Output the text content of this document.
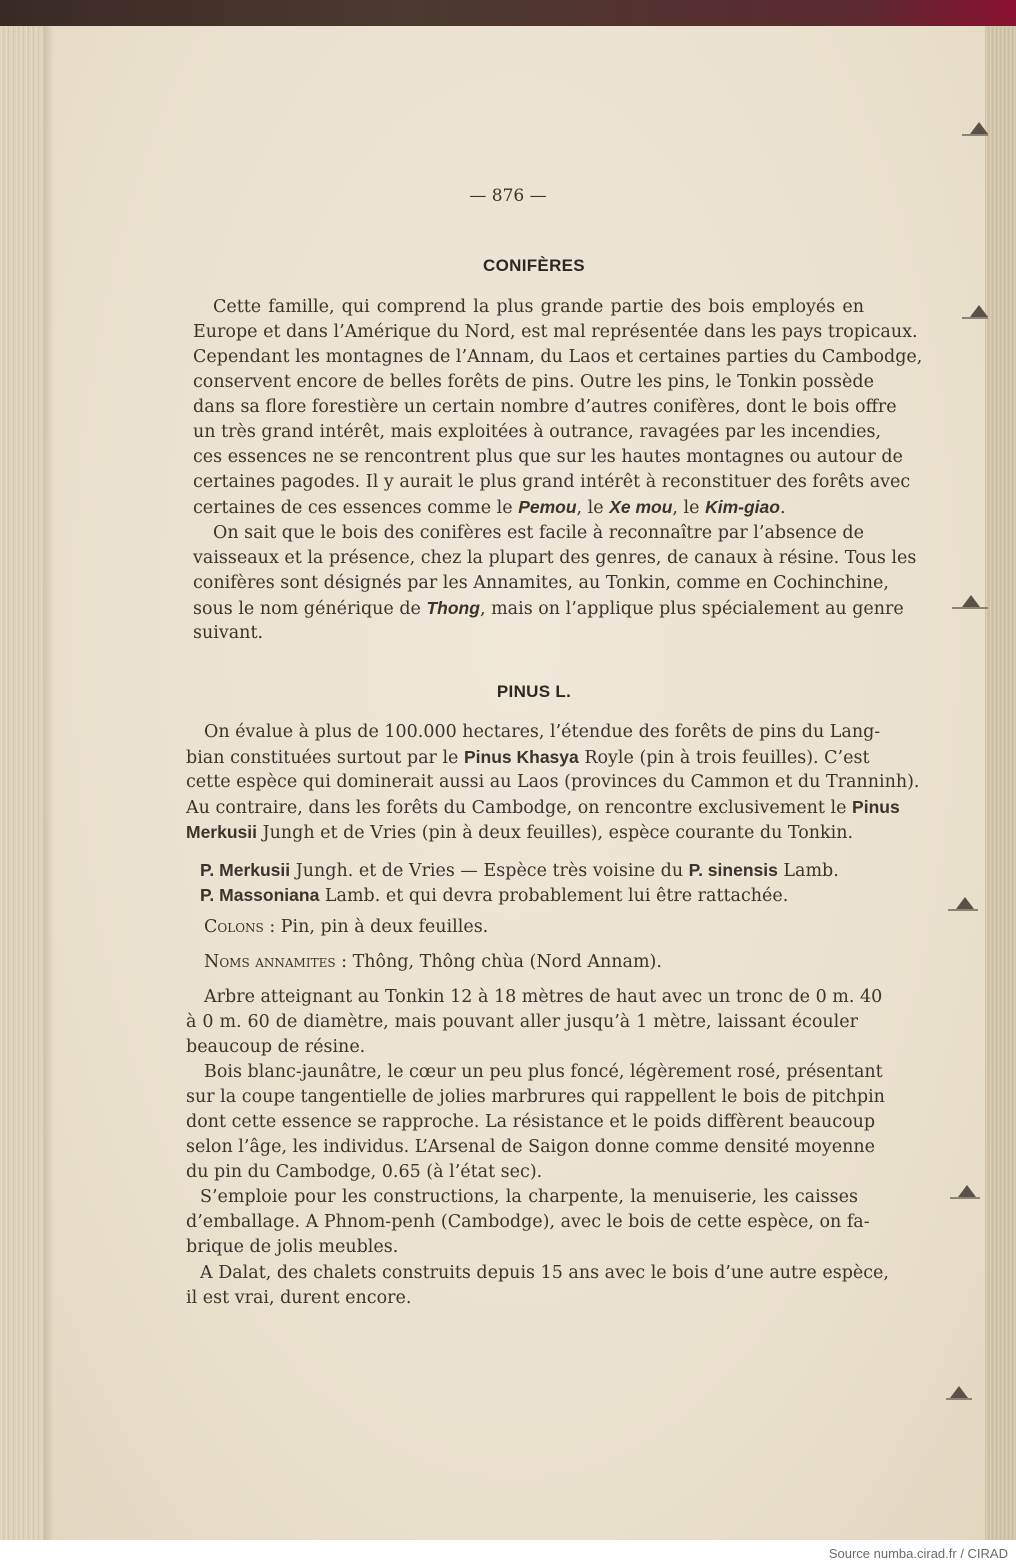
— 876 —
CONIFÈRES
Cette famille, qui comprend la plus grande partie des bois employés en
Europe et dans l’Amérique du Nord, est mal représentée dans les pays tropicaux.
Cependant les montagnes de l’Annam, du Laos et certaines parties du Cambodge,
conservent encore de belles forêts de pins. Outre les pins, le Tonkin possède
dans sa flore forestière un certain nombre d’autres conifères, dont le bois offre
un très grand intérêt, mais exploitées à outrance, ravagées par les incendies,
ces essences ne se rencontrent plus que sur les hautes montagnes ou autour de
certaines pagodes. Il y aurait le plus grand intérêt à reconstituer des forêts avec
certaines de ces essences comme le Pemou, le Xe mou, le Kim-giao.
On sait que le bois des conifères est facile à reconnaître par l’absence de
vaisseaux et la présence, chez la plupart des genres, de canaux à résine. Tous les
conifères sont désignés par les Annamites, au Tonkin, comme en Cochinchine,
sous le nom générique de Thong, mais on l’applique plus spécialement au genre
suivant.
PINUS L.
On évalue à plus de 100.000 hectares, l’étendue des forêts de pins du Lang-
bian constituées surtout par le Pinus Khasya Royle (pin à trois feuilles). C’est
cette espèce qui dominerait aussi au Laos (provinces du Cammon et du Tranninh).
Au contraire, dans les forêts du Cambodge, on rencontre exclusivement le Pinus
Merkusii Jungh et de Vries (pin à deux feuilles), espèce courante du Tonkin.
P. Merkusii Jungh. et de Vries — Espèce très voisine du P. sinensis Lamb.
P. Massoniana Lamb. et qui devra probablement lui être rattachée.
Colons : Pin, pin à deux feuilles.
Noms annamites : Thông, Thông chùa (Nord Annam).
Arbre atteignant au Tonkin 12 à 18 mètres de haut avec un tronc de 0 m. 40
à 0 m. 60 de diamètre, mais pouvant aller jusqu’à 1 mètre, laissant écouler
beaucoup de résine.
Bois blanc-jaunâtre, le cœur un peu plus foncé, légèrement rosé, présentant
sur la coupe tangentielle de jolies marbrures qui rappellent le bois de pitchpin
dont cette essence se rapproche. La résistance et le poids diffèrent beaucoup
selon l’âge, les individus. L’Arsenal de Saigon donne comme densité moyenne
du pin du Cambodge, 0.65 (à l’état sec).
S’emploie pour les constructions, la charpente, la menuiserie, les caisses
d’emballage. A Phnom-penh (Cambodge), avec le bois de cette espèce, on fa-
brique de jolis meubles.
A Dalat, des chalets construits depuis 15 ans avec le bois d’une autre espèce,
il est vrai, durent encore.
Source numba.cirad.fr / CIRAD
